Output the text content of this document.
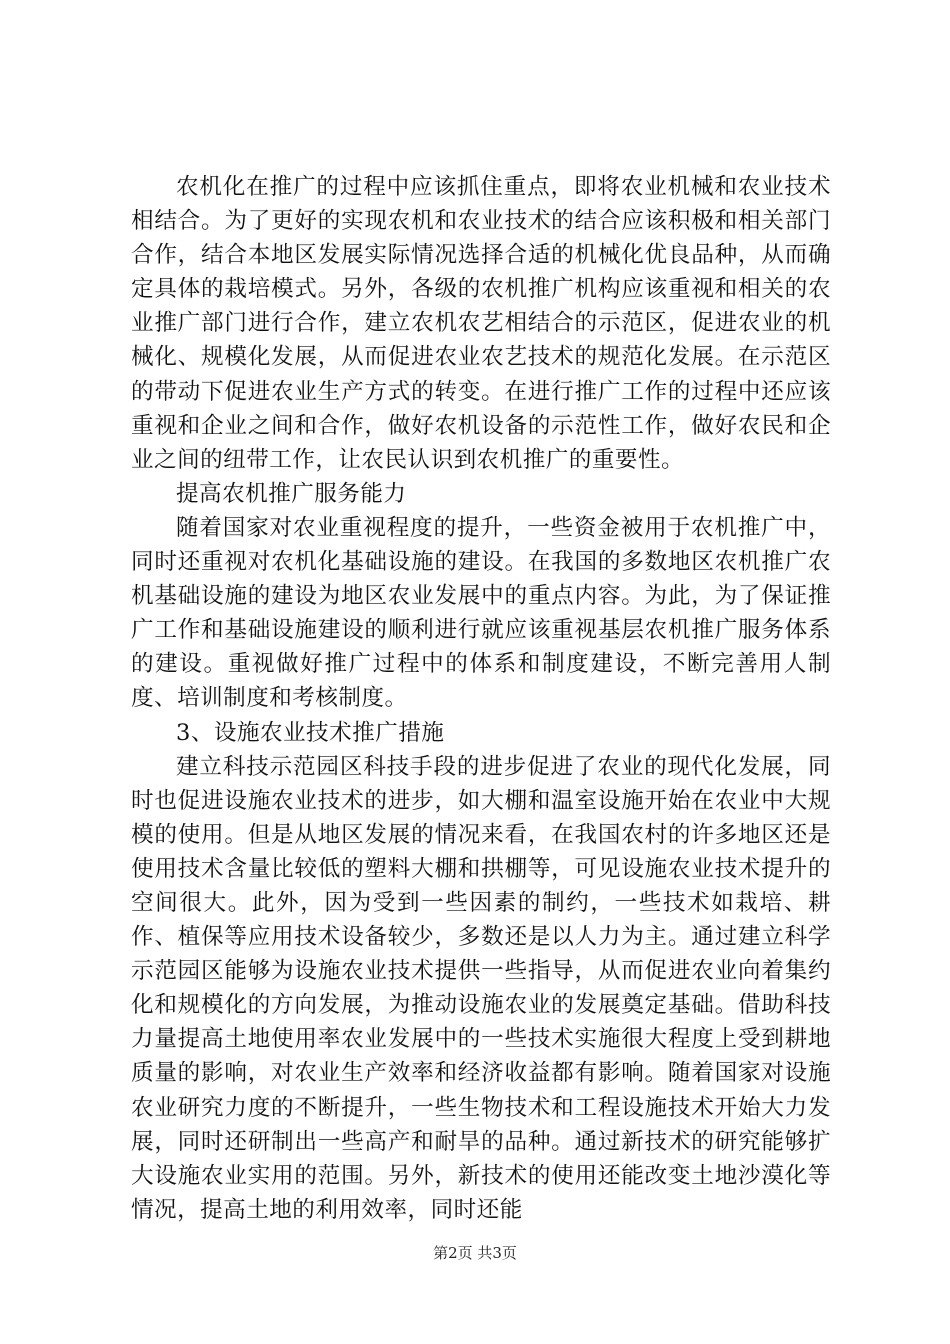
农机化在推广的过程中应该抓住重点，即将农业机械和农业技术相结合。为了更好的实现农机和农业技术的结合应该积极和相关部门合作，结合本地区发展实际情况选择合适的机械化优良品种，从而确定具体的栽培模式。另外，各级的农机推广机构应该重视和相关的农业推广部门进行合作，建立农机农艺相结合的示范区，促进农业的机械化、规模化发展，从而促进农业农艺技术的规范化发展。在示范区的带动下促进农业生产方式的转变。在进行推广工作的过程中还应该重视和企业之间和合作，做好农机设备的示范性工作，做好农民和企业之间的纽带工作，让农民认识到农机推广的重要性。

提高农机推广服务能力

随着国家对农业重视程度的提升，一些资金被用于农机推广中，同时还重视对农机化基础设施的建设。在我国的多数地区农机推广农机基础设施的建设为地区农业发展中的重点内容。为此，为了保证推广工作和基础设施建设的顺利进行就应该重视基层农机推广服务体系的建设。重视做好推广过程中的体系和制度建设，不断完善用人制度、培训制度和考核制度。

3、设施农业技术推广措施

建立科技示范园区科技手段的进步促进了农业的现代化发展，同时也促进设施农业技术的进步，如大棚和温室设施开始在农业中大规模的使用。但是从地区发展的情况来看，在我国农村的许多地区还是使用技术含量比较低的塑料大棚和拱棚等，可见设施农业技术提升的空间很大。此外，因为受到一些因素的制约，一些技术如栽培、耕作、植保等应用技术设备较少，多数还是以人力为主。通过建立科学示范园区能够为设施农业技术提供一些指导，从而促进农业向着集约化和规模化的方向发展，为推动设施农业的发展奠定基础。借助科技力量提高土地使用率农业发展中的一些技术实施很大程度上受到耕地质量的影响，对农业生产效率和经济收益都有影响。随着国家对设施农业研究力度的不断提升，一些生物技术和工程设施技术开始大力发展，同时还研制出一些高产和耐旱的品种。通过新技术的研究能够扩大设施农业实用的范围。另外，新技术的使用还能改变土地沙漠化等情况，提高土地的利用效率，同时还能

第2页 共3页
